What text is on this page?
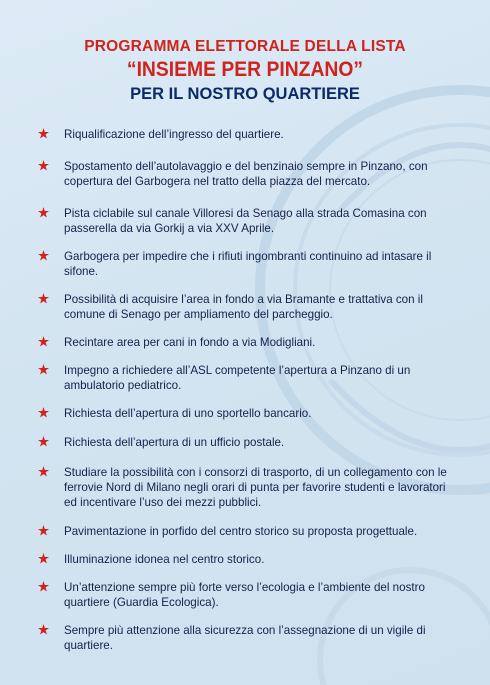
PROGRAMMA ELETTORALE DELLA LISTA
“INSIEME PER PINZANO”
PER IL NOSTRO QUARTIERE
Riqualificazione dell’ingresso del quartiere.
Spostamento dell’autolavaggio e del benzinaio sempre in Pinzano, con copertura del Garbogera nel tratto della piazza del mercato.
Pista ciclabile sul canale Villoresi da Senago alla strada Comasina con passerella da via Gorkij a via XXV Aprile.
Garbogera per impedire che i rifiuti ingombranti continuino ad intasare il sifone.
Possibilità di acquisire l’area in fondo a via Bramante e trattativa con il comune di Senago per ampliamento del parcheggio.
Recintare area per cani in fondo a via Modigliani.
Impegno a richiedere all’ASL competente l’apertura a Pinzano di un ambulatorio pediatrico.
Richiesta dell’apertura di uno sportello bancario.
Richiesta dell’apertura di un ufficio postale.
Studiare la possibilità con i consorzi di trasporto, di un collegamento con le ferrovie Nord di Milano negli orari di punta per favorire studenti e lavoratori ed incentivare l’uso dei mezzi pubblici.
Pavimentazione in porfido del centro storico su proposta progettuale.
Illuminazione idonea nel centro storico.
Un’attenzione sempre più forte verso l’ecologia e l’ambiente del nostro quartiere (Guardia Ecologica).
Sempre più attenzione alla sicurezza con l’assegnazione di un vigile di quartiere.
